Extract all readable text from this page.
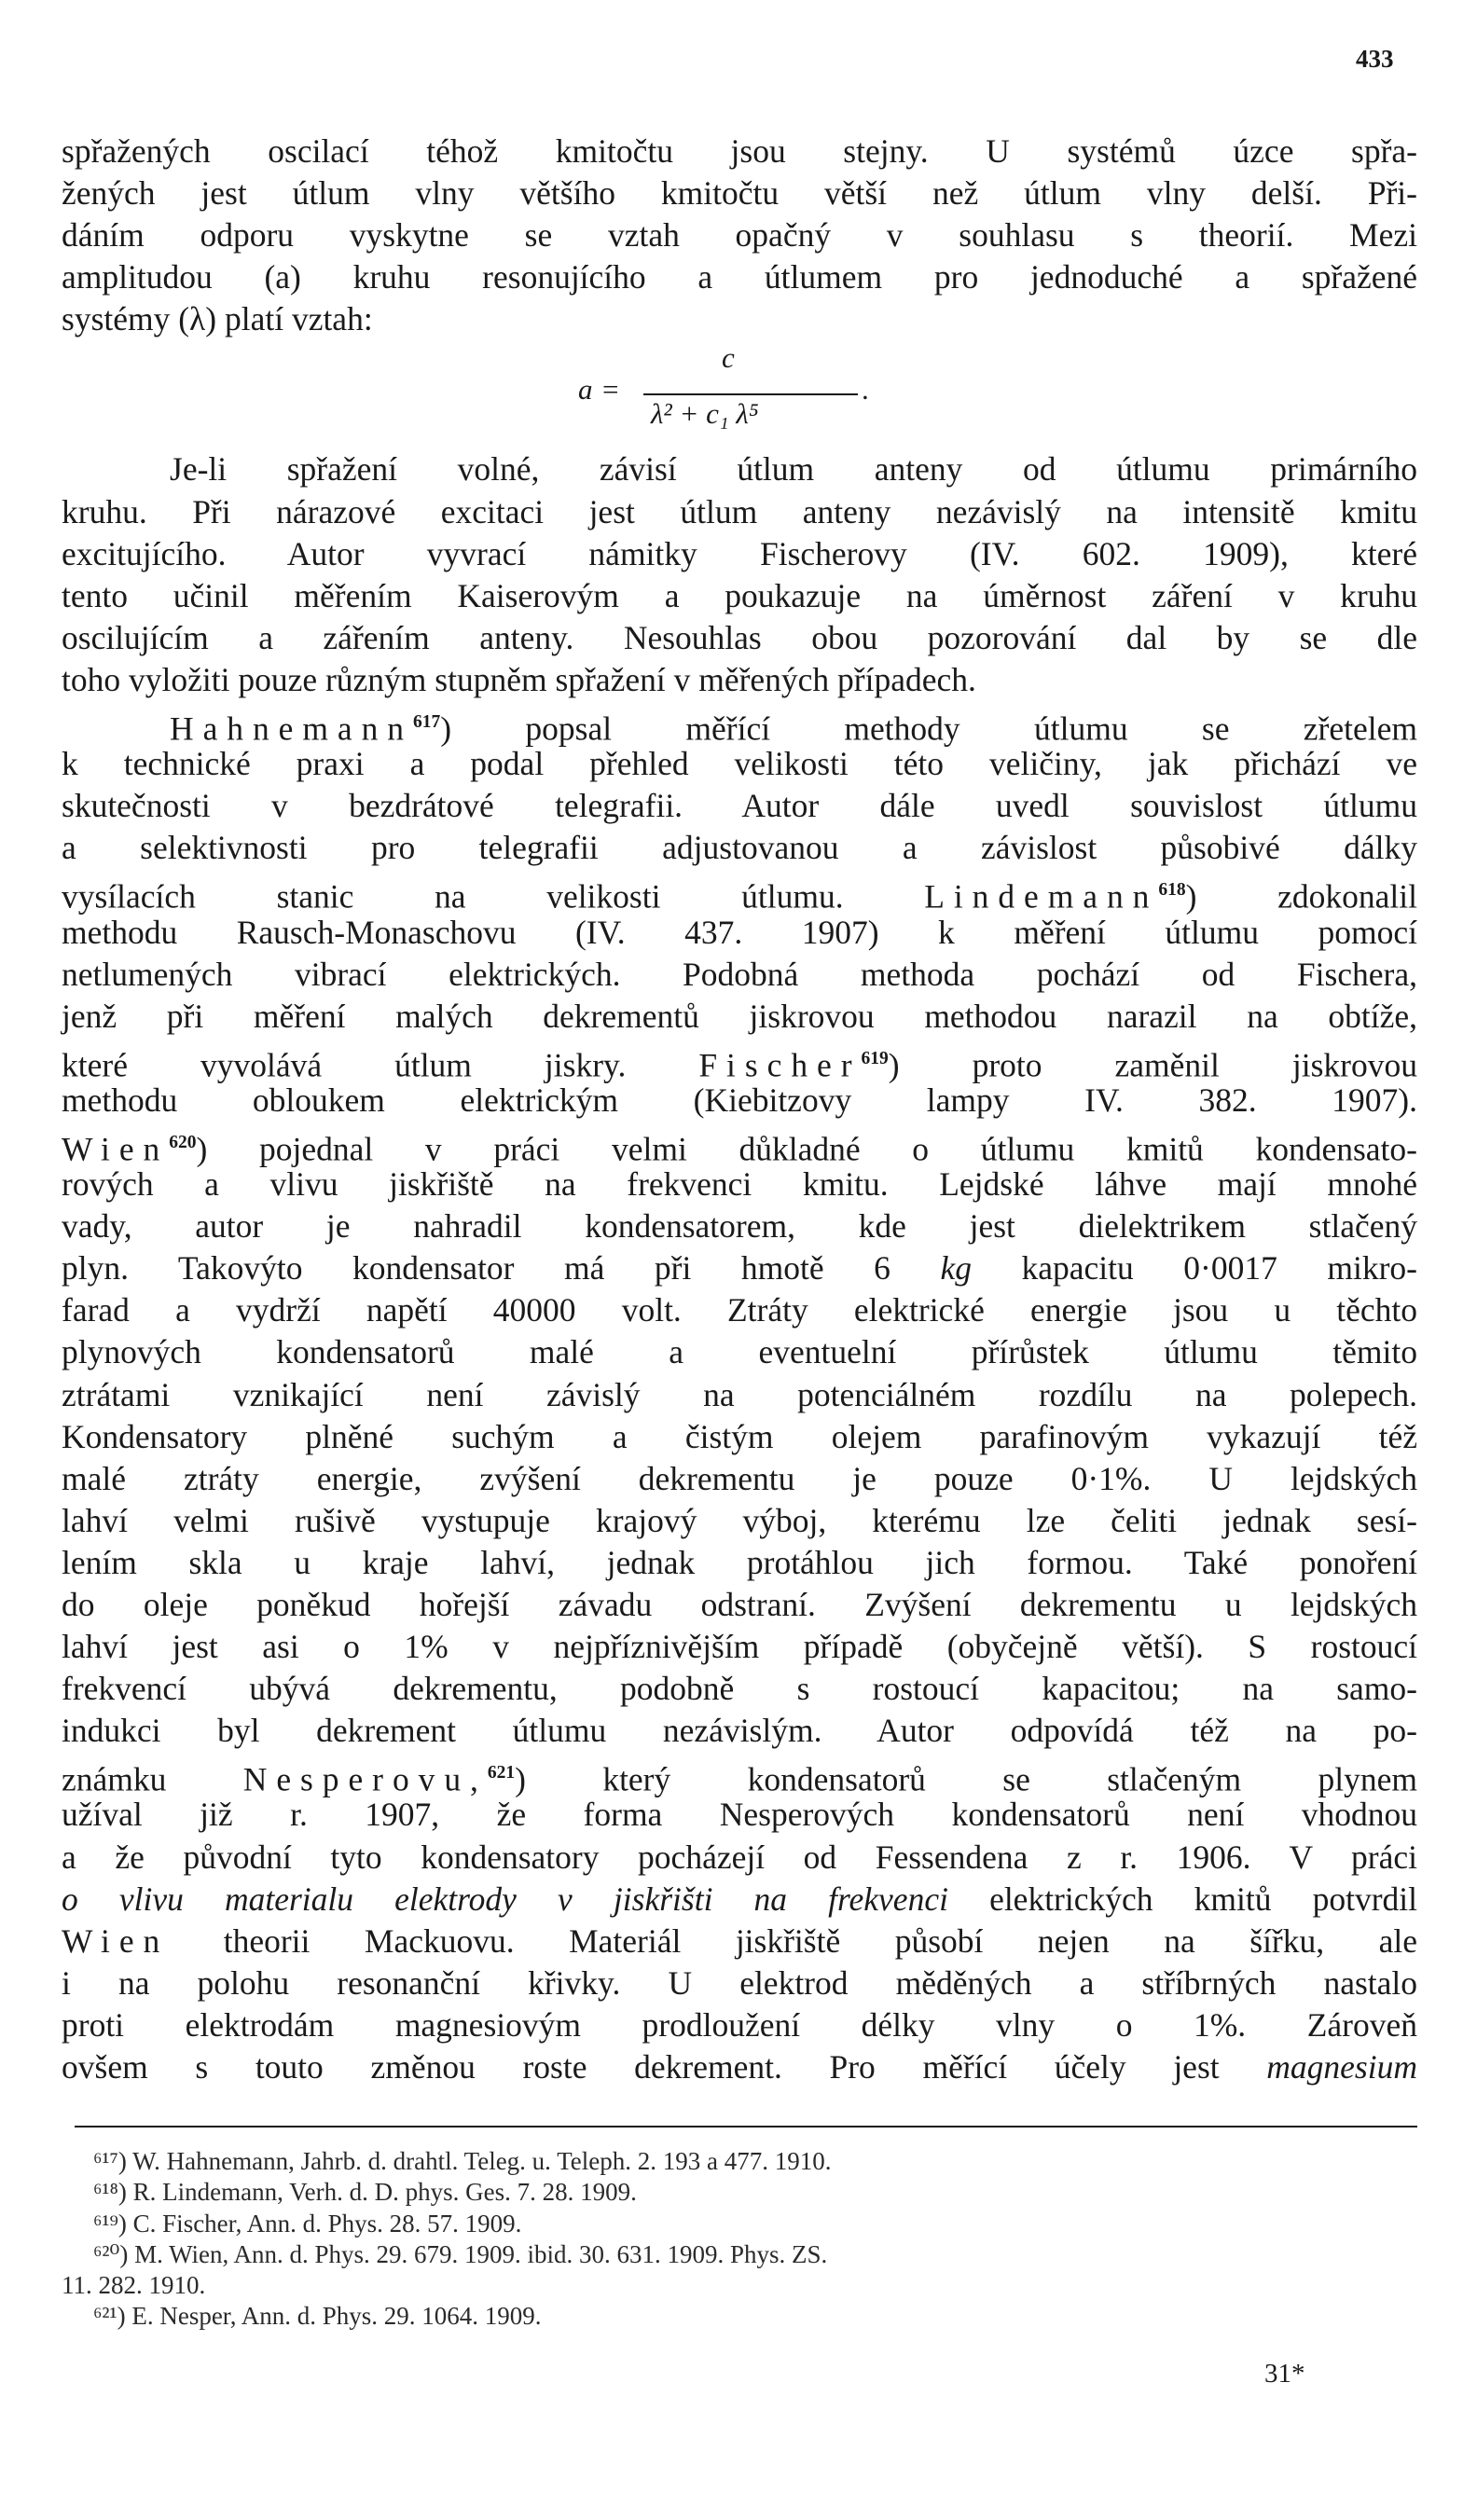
433
spřažených oscilací téhož kmitočtu jsou stejny. U systémů úzce spřa-
žených jest útlum vlny většího kmitočtu větší než útlum vlny delší. Při-
dáním odporu vyskytne se vztah opačný v souhlasu s theorií. Mezi
amplitudou (a) kruhu resonujícího a útlumem pro jednoduché a spřažené
systémy (λ) platí vztah:
Je-li spřažení volné, závisí útlum anteny od útlumu primárního
kruhu. Při nárazové excitaci jest útlum anteny nezávislý na intensitě kmitu
excitujícího. Autor vyvrací námitky Fischerovy (IV. 602. 1909), které
tento učinil měřením Kaiserovým a poukazuje na úměrnost záření v kruhu
oscilujícím a zářením anteny. Nesouhlas obou pozorování dal by se dle
toho vyložiti pouze různým stupněm spřažení v měřených případech.
Hahnemann$^{617}$) popsal měřící methody útlumu se zřetelem
k technické praxi a podal přehled velikosti této veličiny, jak přichází ve
skutečnosti v bezdrátové telegrafii. Autor dále uvedl souvislost útlumu
a selektivnosti pro telegrafii adjustovanou a závislost působivé dálky
vysílacích stanic na velikosti útlumu. Lindemann$^{618}$) zdokonalil
methodu Rausch-Monaschovu (IV. 437. 1907) k měření útlumu pomocí
netlumených vibrací elektrických. Podobná methoda pochází od Fischera,
jenž při měření malých dekrementů jiskrovou methodou narazil na obtíže,
které vyvolává útlum jiskry. Fischer$^{619}$) proto zaměnil jiskrovou
methodu obloukem elektrickým (Kiebitzovy lampy IV. 382. 1907).
Wien$^{620}$) pojednal v práci velmi důkladné o útlumu kmitů kondensato-
rových a vlivu jiskřiště na frekvenci kmitu. Lejdské láhve mají mnohé
vady, autor je nahradil kondensatorem, kde jest dielektrikem stlačený
plyn. Takovýto kondensator má při hmotě 6 kg kapacitu 0·0017 mikro-
farad a vydrží napětí 40000 volt. Ztráty elektrické energie jsou u těchto
plynových kondensatorů malé a eventuelní přírůstek útlumu těmito
ztrátami vznikající není závislý na potenciálném rozdílu na polepech.
Kondensatory plněné suchým a čistým olejem parafinovým vykazují též
malé ztráty energie, zvýšení dekrementu je pouze 0·1%. U lejdských
lahví velmi rušivě vystupuje krajový výboj, kterému lze čeliti jednak sesí-
lením skla u kraje lahví, jednak protáhlou jich formou. Také ponoření
do oleje poněkud hořejší závadu odstraní. Zvýšení dekrementu u lejdských
lahví jest asi o 1% v nejpříznivějším případě (obyčejně větší). S rostoucí
frekvencí ubývá dekrementu, podobně s rostoucí kapacitou; na samo-
indukci byl dekrement útlumu nezávislým. Autor odpovídá též na po-
známku Nesperovu,$^{621}$) který kondensatorů se stlačeným plynem
užíval již r. 1907, že forma Nesperových kondensatorů není vhodnou
a že původní tyto kondensatory pocházejí od Fessendena z r. 1906. V práci
o vlivu materialu elektrody v jiskřišti na frekvenci elektrických kmitů potvrdil
Wien theorii Mackuovu. Materiál jiskřiště působí nejen na šířku, ale
i na polohu resonanční křivky. U elektrod měděných a stříbrných nastalo
proti elektrodám magnesiovým prodloužení délky vlny o 1%. Zároveň
ovšem s touto změnou roste dekrement. Pro měřící účely jest magnesium
a =
c
λ² + c₁ λ⁵
.
⁶¹⁷) W. Hahnemann, Jahrb. d. drahtl. Teleg. u. Teleph. 2. 193 a 477. 1910.
⁶¹⁸) R. Lindemann, Verh. d. D. phys. Ges. 7. 28. 1909.
⁶¹⁹) C. Fischer, Ann. d. Phys. 28. 57. 1909.
⁶²⁰) M. Wien, Ann. d. Phys. 29. 679. 1909. ibid. 30. 631. 1909. Phys. ZS.
11. 282. 1910.
⁶²¹) E. Nesper, Ann. d. Phys. 29. 1064. 1909.
31*
